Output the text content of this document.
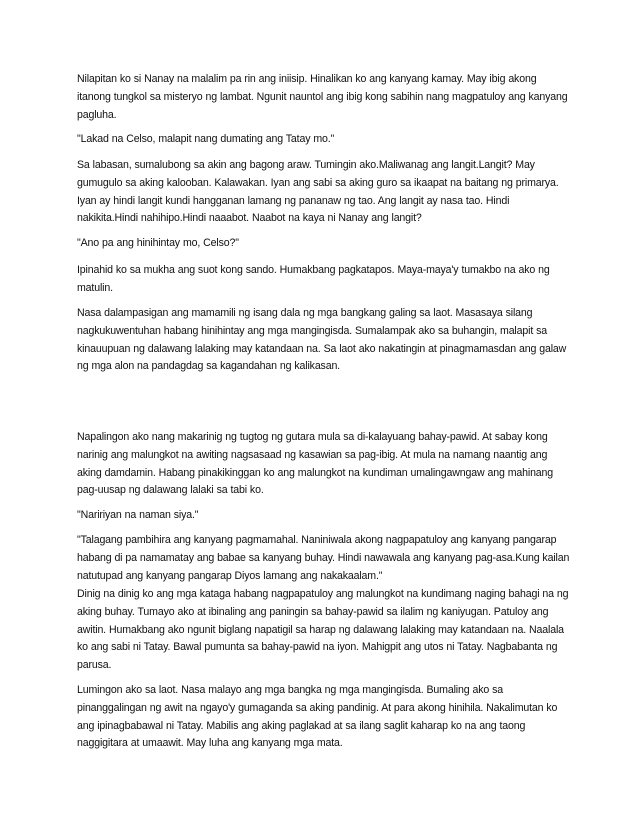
Nilapitan ko si Nanay na malalim pa rin ang iniisip. Hinalikan ko ang kanyang kamay. May ibig akong itanong tungkol sa misteryo ng lambat. Ngunit nauntol ang ibig kong sabihin nang magpatuloy ang kanyang pagluha.

"Lakad na Celso, malapit nang dumating ang Tatay mo."

Sa labasan, sumalubong sa akin ang bagong araw. Tumingin ako.Maliwanag ang langit.Langit? May gumugulo sa aking kalooban. Kalawakan. Iyan ang sabi sa aking guro sa ikaapat na baitang ng primarya. Iyan ay hindi langit kundi hangganan lamang ng pananaw ng tao. Ang langit ay nasa tao. Hindi nakikita.Hindi nahihipo.Hindi naaabot. Naabot na kaya ni Nanay ang langit?

"Ano pa ang hinihintay mo, Celso?"

Ipinahid ko sa mukha ang suot kong sando. Humakbang pagkatapos. Maya-maya'y tumakbo na ako ng matulin.

Nasa dalampasigan ang mamamili ng isang dala ng mga bangkang galing sa laot. Masasaya silang nagkukuwentuhan habang hinihintay ang mga mangingisda. Sumalampak ako sa buhangin, malapit sa kinauupuan ng dalawang lalaking may katandaan na. Sa laot ako nakatingin at pinagmamasdan ang galaw ng mga alon na pandagdag sa kagandahan ng kalikasan.

Napalingon ako nang makarinig ng tugtog ng gutara mula sa di-kalayuang bahay-pawid. At sabay kong narinig ang malungkot na awiting nagsasaad ng kasawian sa pag-ibig. At mula na namang naantig ang aking damdamin. Habang pinakikinggan ko ang malungkot na kundiman umalingawngaw ang mahinang pag-uusap ng dalawang lalaki sa tabi ko.

"Naririyan na naman siya."

"Talagang pambihira ang kanyang pagmamahal. Naniniwala akong nagpapatuloy ang kanyang pangarap habang di pa namamatay ang babae sa kanyang buhay. Hindi nawawala ang kanyang pag-asa.Kung kailan natutupad ang kanyang pangarap Diyos lamang ang nakakaalam."

Dinig na dinig ko ang mga kataga habang nagpapatuloy ang malungkot na kundimang naging bahagi na ng aking buhay. Tumayo ako at ibinaling ang paningin sa bahay-pawid sa ilalim ng kaniyugan. Patuloy ang awitin. Humakbang ako ngunit biglang napatigil sa harap ng dalawang lalaking may katandaan na. Naalala ko ang sabi ni Tatay. Bawal pumunta sa bahay-pawid na iyon. Mahigpit ang utos ni Tatay. Nagbabanta ng parusa.

Lumingon ako sa laot. Nasa malayo ang mga bangka ng mga mangingisda. Bumaling ako sa pinanggalingan ng awit na ngayo'y gumaganda sa aking pandinig. At para akong hinihila. Nakalimutan ko ang ipinagbabawal ni Tatay. Mabilis ang aking paglakad at sa ilang saglit kaharap ko na ang taong naggigitara at umaawit. May luha ang kanyang mga mata.
